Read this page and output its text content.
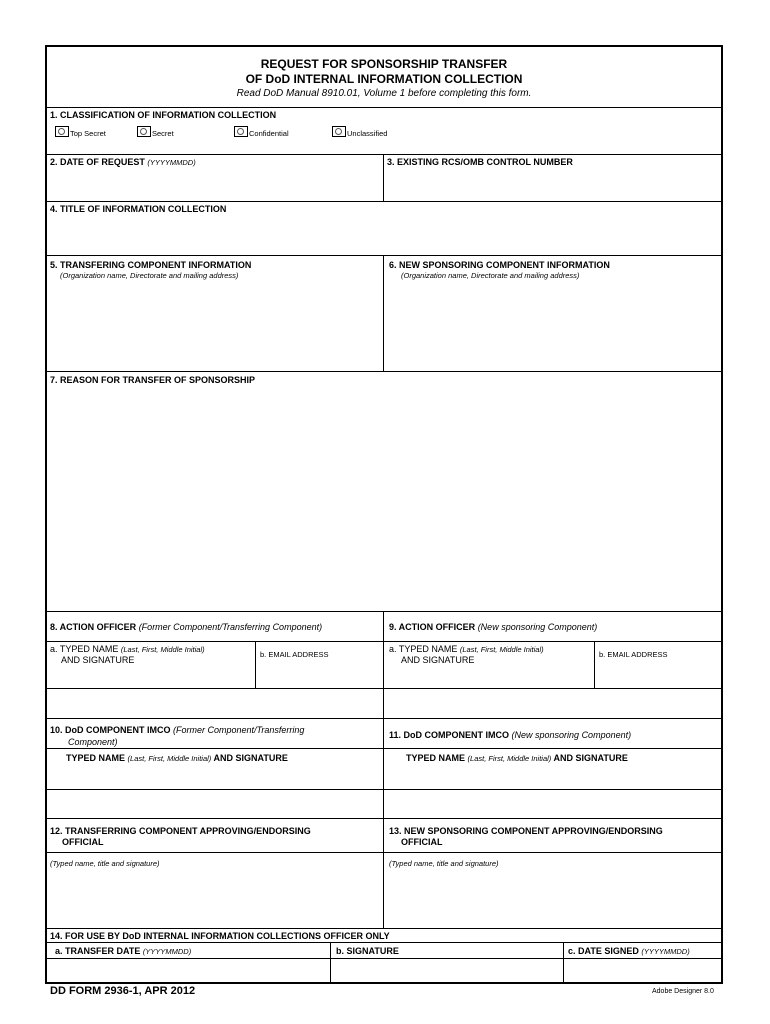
REQUEST FOR SPONSORSHIP TRANSFER
OF DoD INTERNAL INFORMATION COLLECTION
Read DoD Manual 8910.01, Volume 1 before completing this form.
1. CLASSIFICATION OF INFORMATION COLLECTION
Top Secret	Secret	Confidential	Unclassified
2. DATE OF REQUEST (YYYYMMDD)	3. EXISTING RCS/OMB CONTROL NUMBER
4. TITLE OF INFORMATION COLLECTION
5. TRANSFERING COMPONENT INFORMATION
(Organization name, Directorate and mailing address)
6. NEW SPONSORING COMPONENT INFORMATION
(Organization name, Directorate and mailing address)
7. REASON FOR TRANSFER OF SPONSORSHIP
8. ACTION OFFICER (Former Component/Transferring Component)
a. TYPED NAME (Last, First, Middle Initial)
AND SIGNATURE
b. EMAIL ADDRESS
9. ACTION OFFICER (New sponsoring Component)
a. TYPED NAME (Last, First, Middle Initial)
AND SIGNATURE
b. EMAIL ADDRESS
10. DoD COMPONENT IMCO (Former Component/Transferring
Component)
TYPED NAME (Last, First, Middle Initial) AND SIGNATURE
11. DoD COMPONENT IMCO (New sponsoring Component)
TYPED NAME (Last, First, Middle Initial) AND SIGNATURE
12. TRANSFERRING COMPONENT APPROVING/ENDORSING
OFFICIAL
(Typed name, title and signature)
13. NEW SPONSORING COMPONENT APPROVING/ENDORSING
OFFICIAL
(Typed name, title and signature)
14. FOR USE BY DoD INTERNAL INFORMATION COLLECTIONS OFFICER ONLY
a. TRANSFER DATE (YYYYMMDD)	b. SIGNATURE	c. DATE SIGNED (YYYYMMDD)
DD FORM 2936-1, APR 2012	Adobe Designer 8.0
